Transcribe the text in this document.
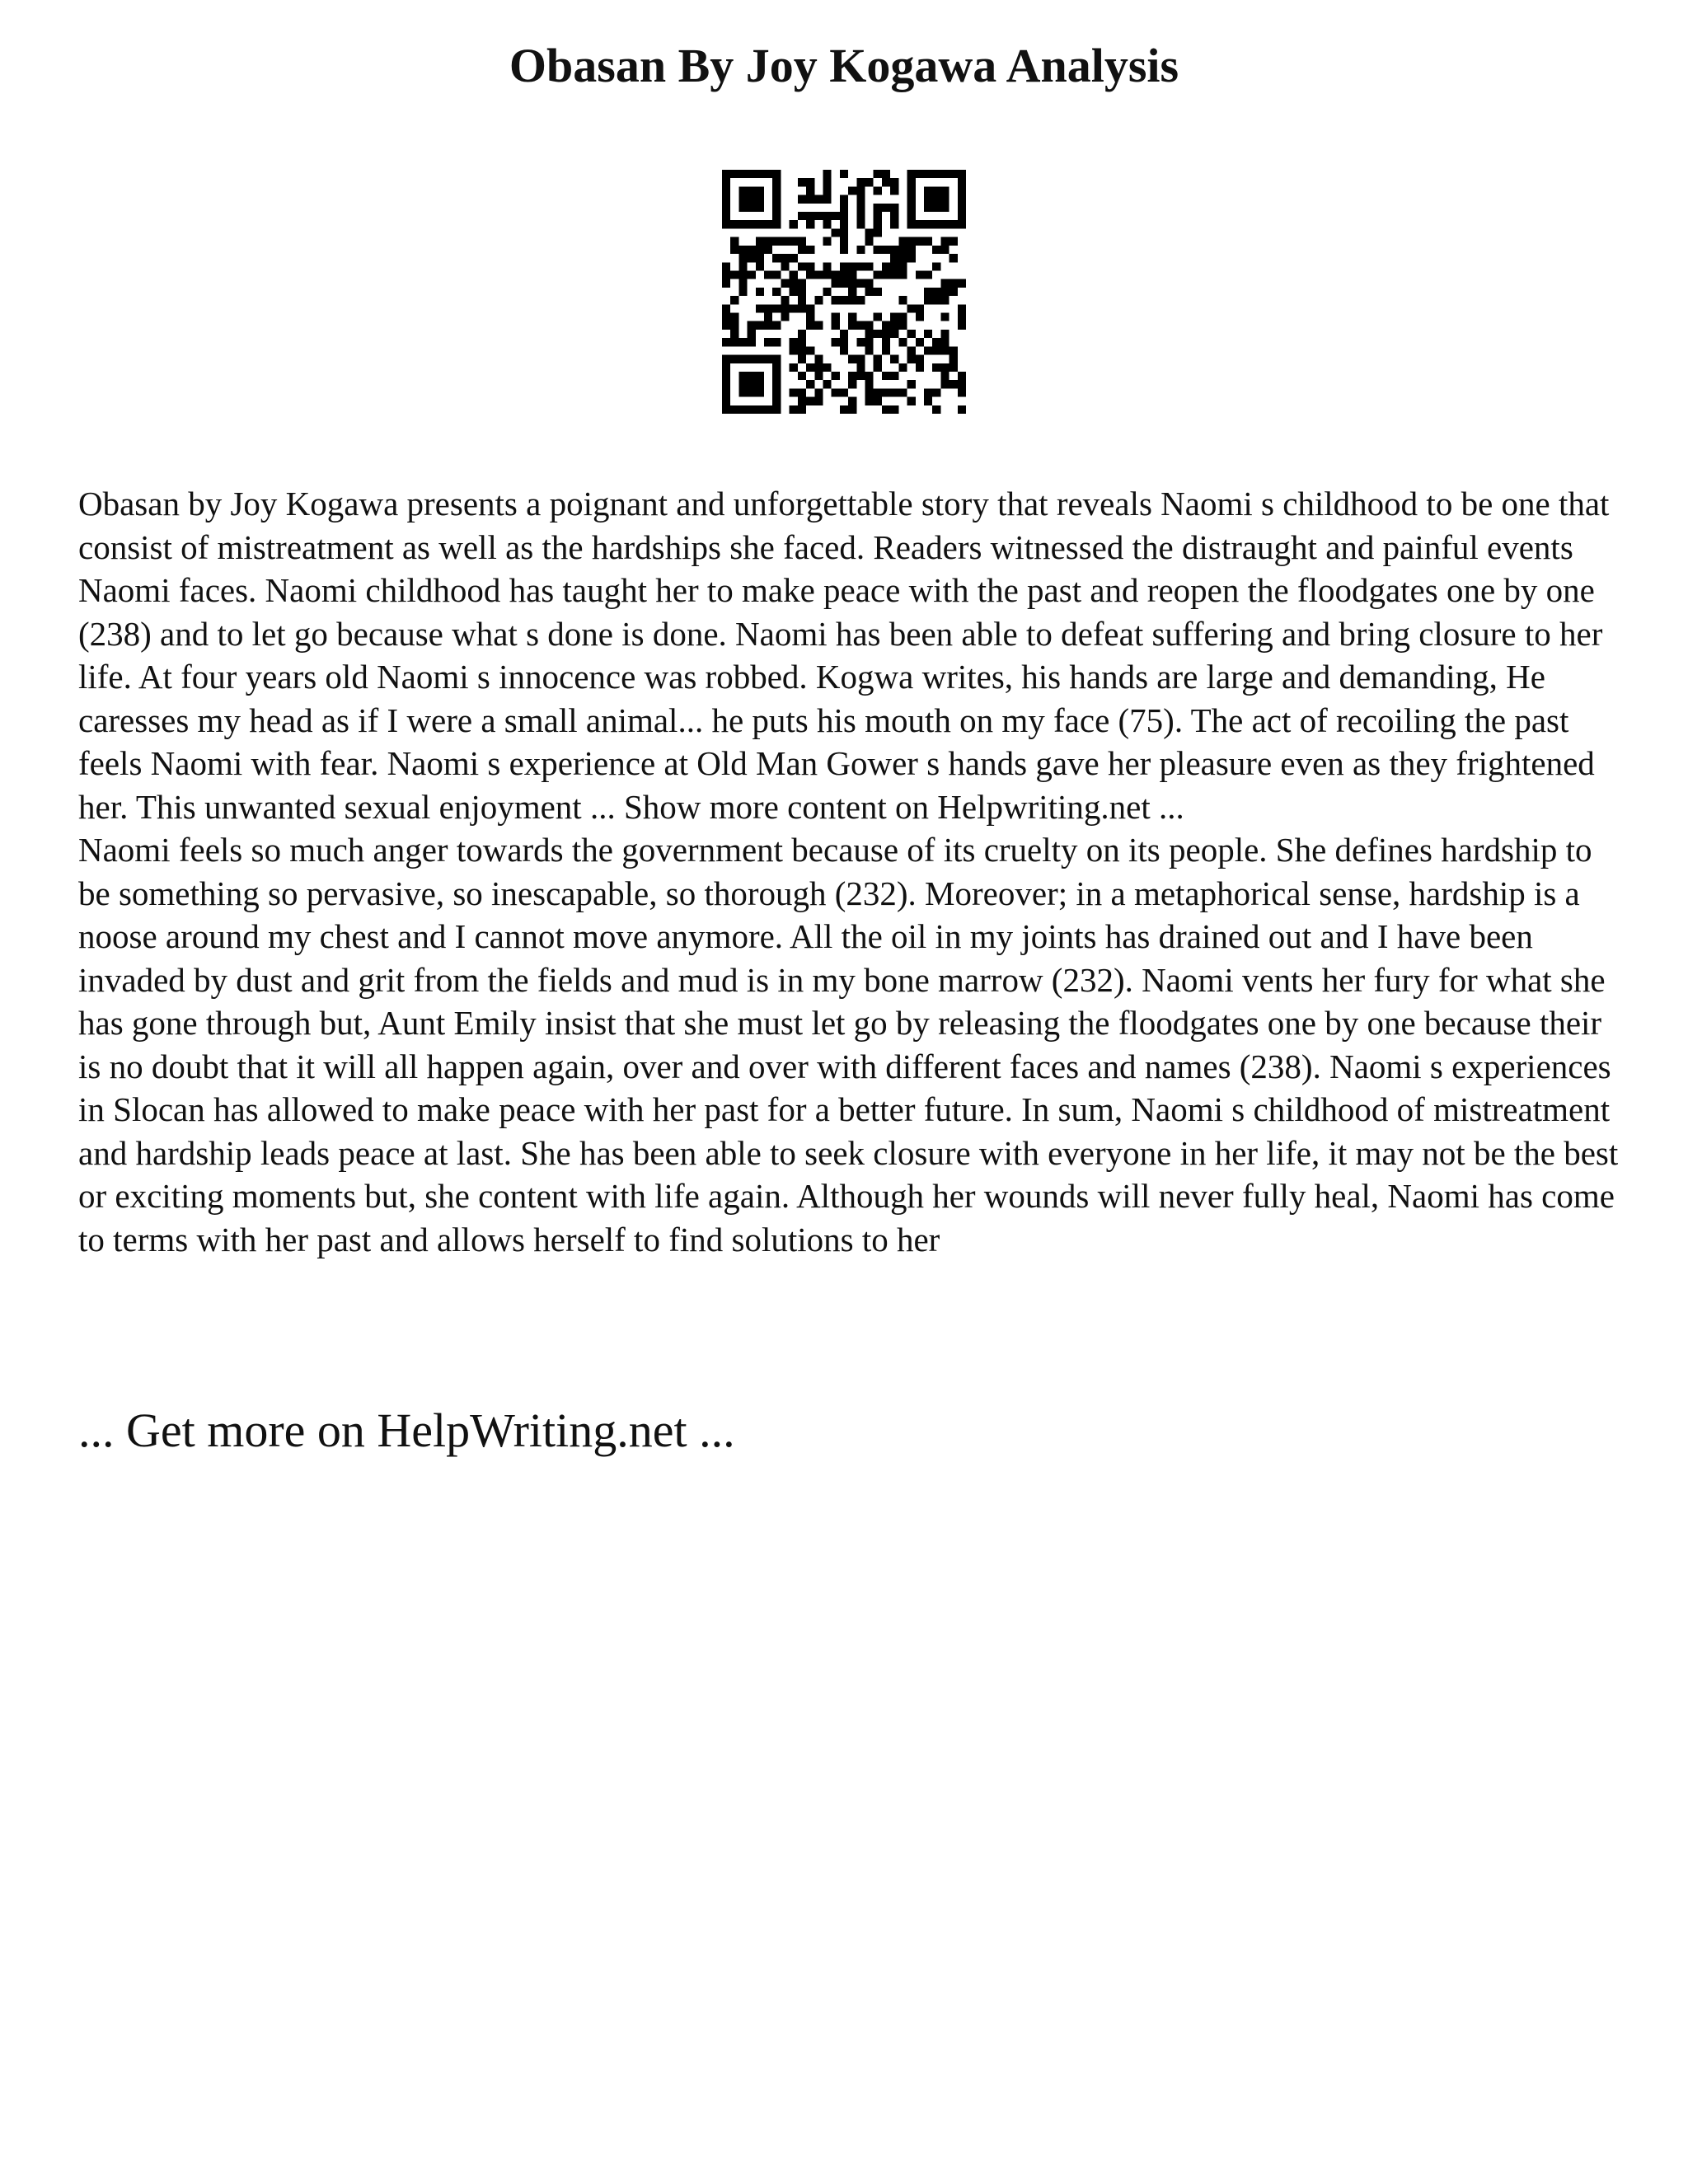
Obasan By Joy Kogawa Analysis

Obasan by Joy Kogawa presents a poignant and unforgettable story that reveals Naomi s childhood to be one that consist of mistreatment as well as the hardships she faced. Readers witnessed the distraught and painful events Naomi faces. Naomi childhood has taught her to make peace with the past and reopen the floodgates one by one (238) and to let go because what s done is done. Naomi has been able to defeat suffering and bring closure to her life. At four years old Naomi s innocence was robbed. Kogwa writes, his hands are large and demanding, He caresses my head as if I were a small animal... he puts his mouth on my face (75). The act of recoiling the past feels Naomi with fear. Naomi s experience at Old Man Gower s hands gave her pleasure even as they frightened her. This unwanted sexual enjoyment ... Show more content on Helpwriting.net ...

Naomi feels so much anger towards the government because of its cruelty on its people. She defines hardship to be something so pervasive, so inescapable, so thorough (232). Moreover; in a metaphorical sense, hardship is a noose around my chest and I cannot move anymore. All the oil in my joints has drained out and I have been invaded by dust and grit from the fields and mud is in my bone marrow (232). Naomi vents her fury for what she has gone through but, Aunt Emily insist that she must let go by releasing the floodgates one by one because their is no doubt that it will all happen again, over and over with different faces and names (238). Naomi s experiences in Slocan has allowed to make peace with her past for a better future. In sum, Naomi s childhood of mistreatment and hardship leads peace at last. She has been able to seek closure with everyone in her life, it may not be the best or exciting moments but, she content with life again. Although her wounds will never fully heal, Naomi has come to terms with her past and allows herself to find solutions to her

... Get more on HelpWriting.net ...
